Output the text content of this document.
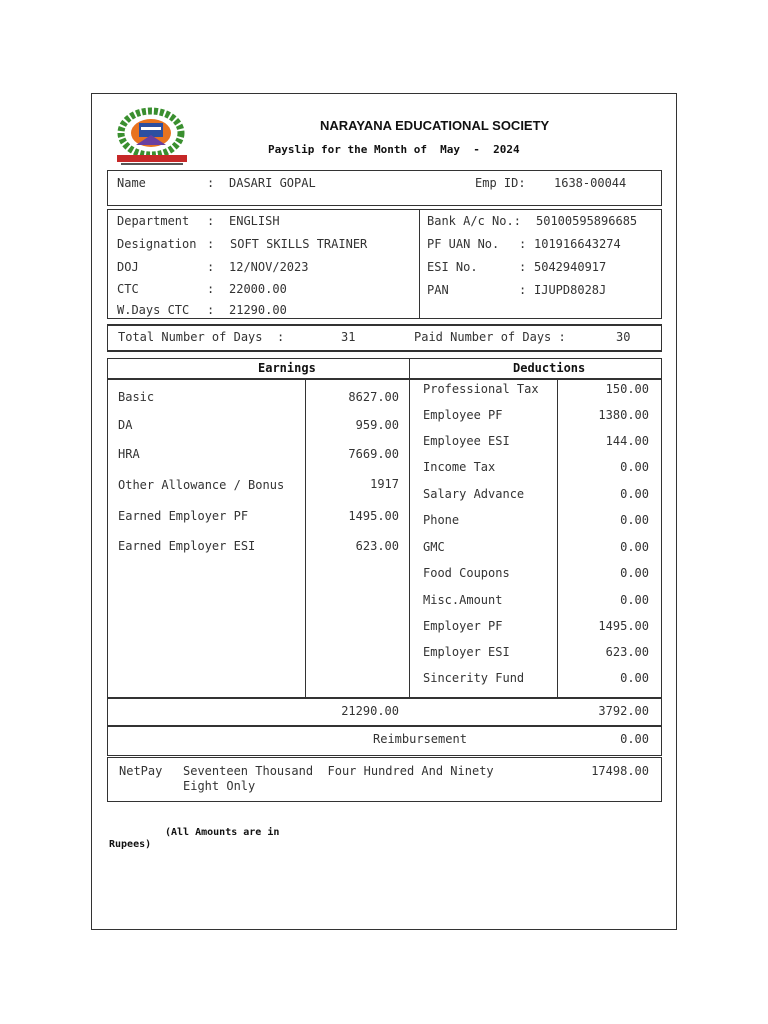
NARAYANA EDUCATIONAL SOCIETY
Payslip for the Month of  May  -  2024
Name	: DASARI GOPAL	Emp ID: 1638-00044
Department : ENGLISH
Designation : SOFT SKILLS TRAINER
DOJ	: 12/NOV/2023
CTC	: 22000.00
W.Days CTC : 21290.00
Bank A/c No.: 50100595896685
PF UAN No. : 101916643274
ESI No.	: 5042940917
PAN	: IJUPD8028J
Total Number of Days  :	31	Paid Number of Days :	30
Earnings	Deductions
Basic	8627.00
DA	959.00
HRA	7669.00
Other Allowance / Bonus	1917
Earned Employer PF	1495.00
Earned Employer ESI	623.00
Professional Tax	150.00
Employee PF	1380.00
Employee ESI	144.00
Income Tax	0.00
Salary Advance	0.00
Phone	0.00
GMC	0.00
Food Coupons	0.00
Misc.Amount	0.00
Employer PF	1495.00
Employer ESI	623.00
Sincerity Fund	0.00
21290.00	3792.00
Reimbursement	0.00
NetPay Seventeen Thousand  Four Hundred And Ninety
Eight Only
17498.00
(All Amounts are in
Rupees)
